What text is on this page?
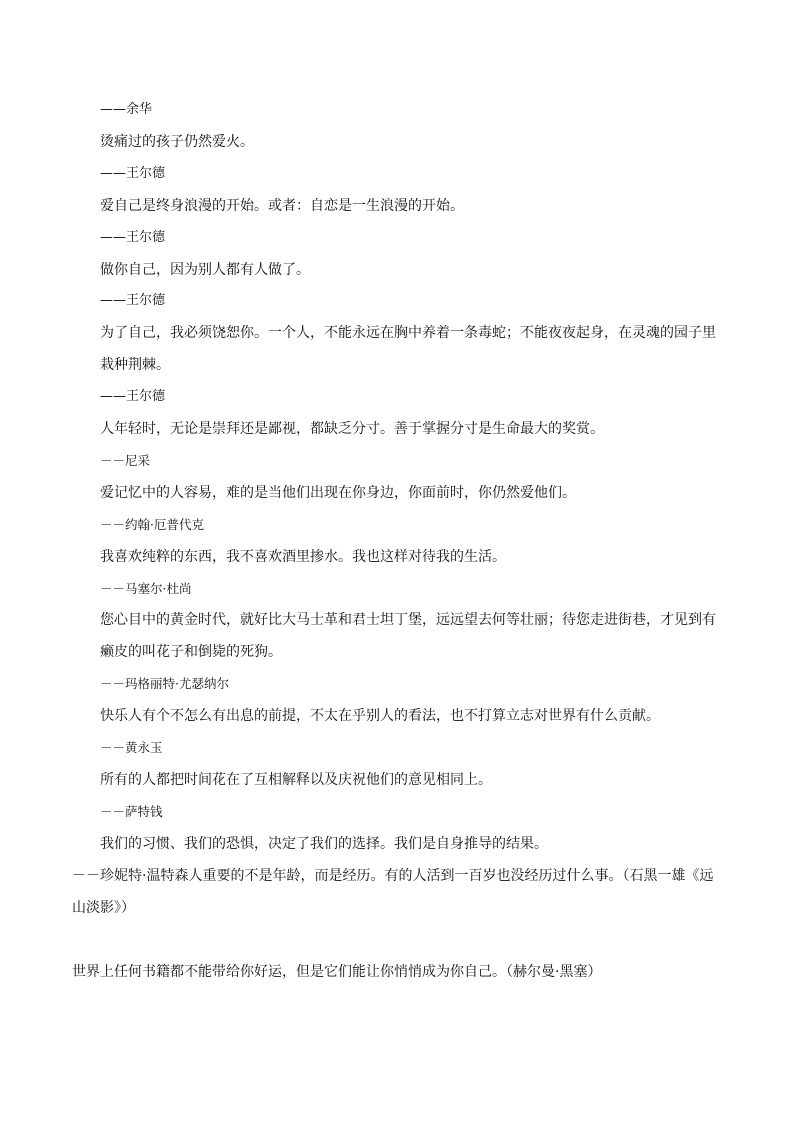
——余华
烫痛过的孩子仍然爱火。
——王尔德
爱自己是终身浪漫的开始。或者：自恋是一生浪漫的开始。
——王尔德
做你自己，因为别人都有人做了。
——王尔德
为了自己，我必须饶恕你。一个人，不能永远在胸中养着一条毒蛇；不能夜夜起身，在灵魂的园子里
栽种荆棘。
——王尔德
人年轻时，无论是崇拜还是鄙视，都缺乏分寸。善于掌握分寸是生命最大的奖赏。
－－尼采
爱记忆中的人容易，难的是当他们出现在你身边，你面前时，你仍然爱他们。
－－约翰·厄普代克
我喜欢纯粹的东西，我不喜欢酒里掺水。我也这样对待我的生活。
－－马塞尔·杜尚
您心目中的黄金时代，就好比大马士革和君士坦丁堡，远远望去何等壮丽；待您走进街巷，才见到有
癞皮的叫花子和倒毙的死狗。
－－玛格丽特·尤瑟纳尔
快乐人有个不怎么有出息的前提，不太在乎别人的看法，也不打算立志对世界有什么贡献。
－－黄永玉
所有的人都把时间花在了互相解释以及庆祝他们的意见相同上。
－－萨特钱
我们的习惯、我们的恐惧，决定了我们的选择。我们是自身推导的结果。
－－珍妮特·温特森人重要的不是年龄，而是经历。有的人活到一百岁也没经历过什么事。（石黑一雄《远
山淡影》）
世界上任何书籍都不能带给你好运，但是它们能让你悄悄成为你自己。（赫尔曼·黑塞）
